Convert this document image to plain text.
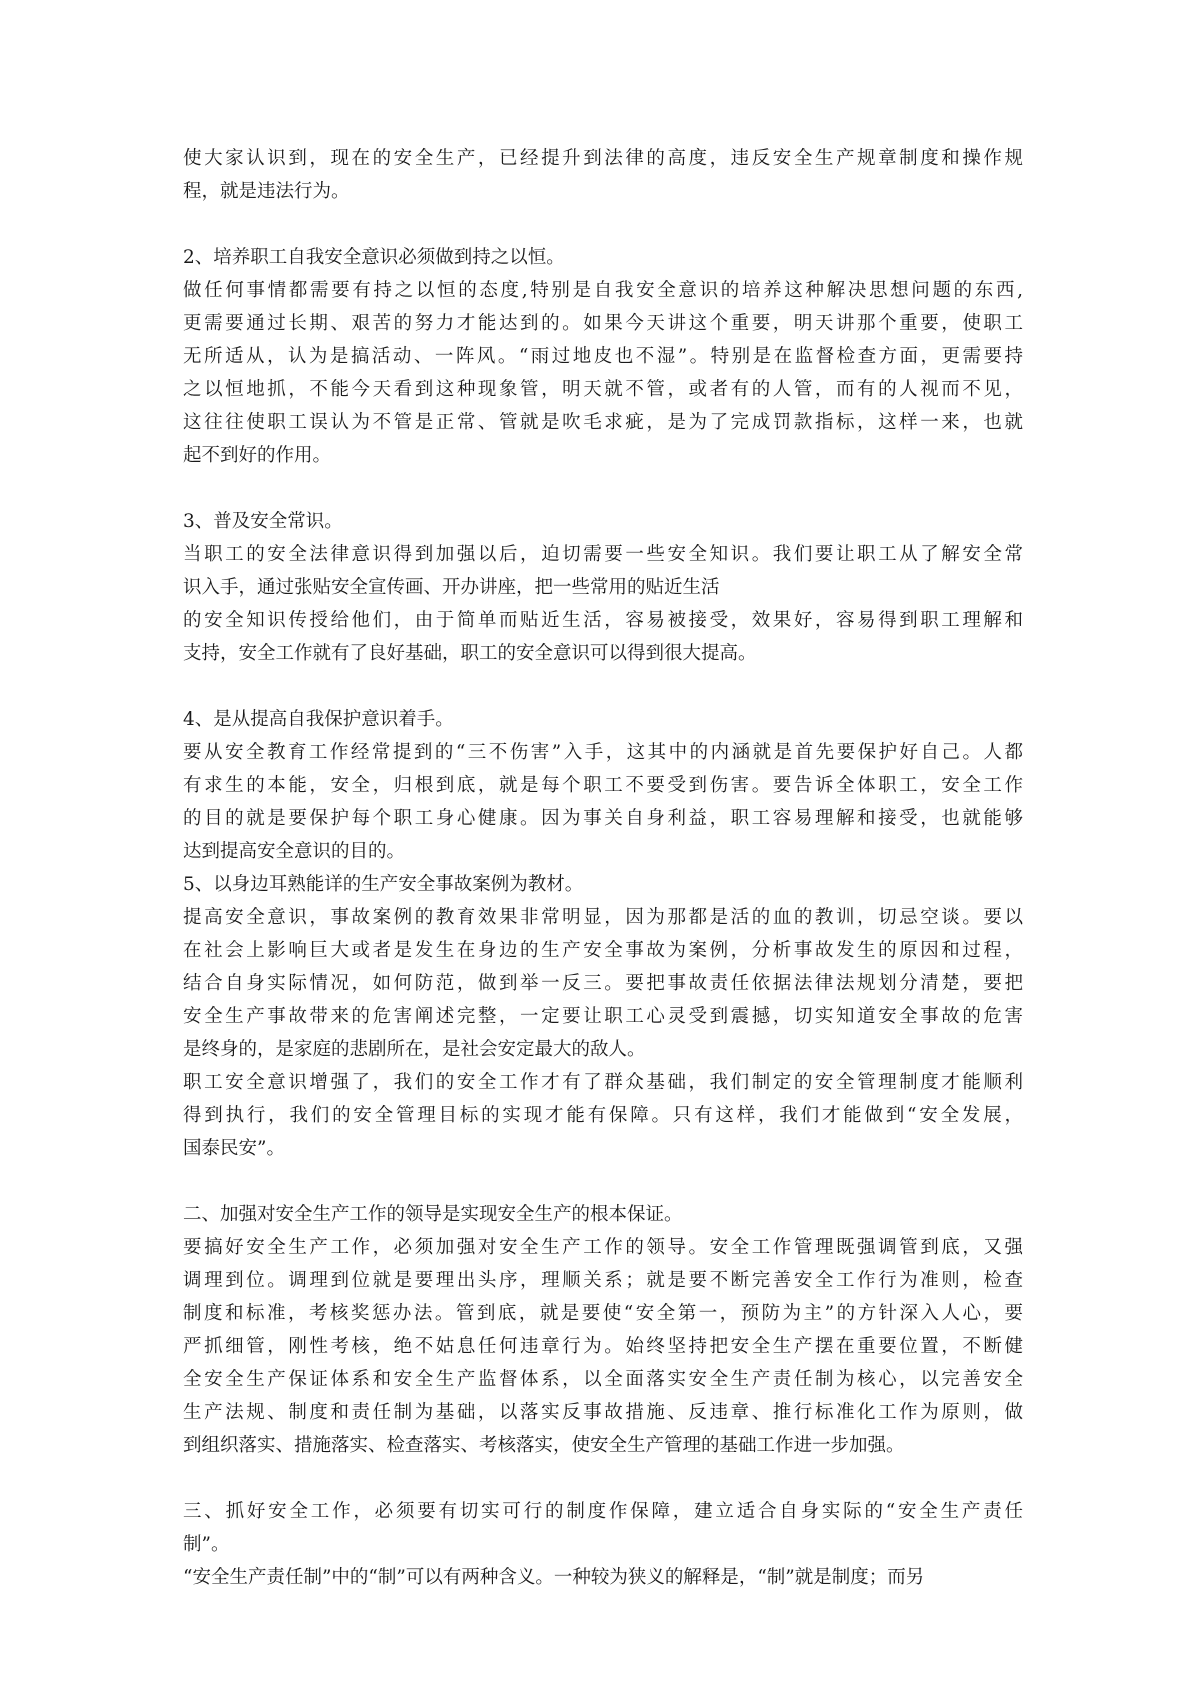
使大家认识到，现在的安全生产，已经提升到法律的高度，违反安全生产规章制度和操作规
程，就是违法行为。
2、培养职工自我安全意识必须做到持之以恒。
做任何事情都需要有持之以恒的态度,特别是自我安全意识的培养这种解决思想问题的东西,
更需要通过长期、艰苦的努力才能达到的。如果今天讲这个重要，明天讲那个重要，使职工
无所适从，认为是搞活动、一阵风。“雨过地皮也不湿”。特别是在监督检查方面，更需要持
之以恒地抓，不能今天看到这种现象管，明天就不管，或者有的人管，而有的人视而不见，
这往往使职工误认为不管是正常、管就是吹毛求疵，是为了完成罚款指标，这样一来，也就
起不到好的作用。
3、普及安全常识。
当职工的安全法律意识得到加强以后，迫切需要一些安全知识。我们要让职工从了解安全常
识入手，通过张贴安全宣传画、开办讲座，把一些常用的贴近生活
的安全知识传授给他们，由于简单而贴近生活，容易被接受，效果好，容易得到职工理解和
支持，安全工作就有了良好基础，职工的安全意识可以得到很大提高。
4、是从提高自我保护意识着手。
要从安全教育工作经常提到的“三不伤害”入手，这其中的内涵就是首先要保护好自己。人都
有求生的本能，安全，归根到底，就是每个职工不要受到伤害。要告诉全体职工，安全工作
的目的就是要保护每个职工身心健康。因为事关自身利益，职工容易理解和接受，也就能够
达到提高安全意识的目的。
5、以身边耳熟能详的生产安全事故案例为教材。
提高安全意识，事故案例的教育效果非常明显，因为那都是活的血的教训，切忌空谈。要以
在社会上影响巨大或者是发生在身边的生产安全事故为案例，分析事故发生的原因和过程，
结合自身实际情况，如何防范，做到举一反三。要把事故责任依据法律法规划分清楚，要把
安全生产事故带来的危害阐述完整，一定要让职工心灵受到震撼，切实知道安全事故的危害
是终身的，是家庭的悲剧所在，是社会安定最大的敌人。
职工安全意识增强了，我们的安全工作才有了群众基础，我们制定的安全管理制度才能顺利
得到执行，我们的安全管理目标的实现才能有保障。只有这样，我们才能做到“安全发展，
国泰民安”。
二、加强对安全生产工作的领导是实现安全生产的根本保证。
要搞好安全生产工作，必须加强对安全生产工作的领导。安全工作管理既强调管到底，又强
调理到位。调理到位就是要理出头序，理顺关系；就是要不断完善安全工作行为准则，检查
制度和标准，考核奖惩办法。管到底，就是要使“安全第一，预防为主”的方针深入人心，要
严抓细管，刚性考核，绝不姑息任何违章行为。始终坚持把安全生产摆在重要位置，不断健
全安全生产保证体系和安全生产监督体系，以全面落实安全生产责任制为核心，以完善安全
生产法规、制度和责任制为基础，以落实反事故措施、反违章、推行标准化工作为原则，做
到组织落实、措施落实、检查落实、考核落实，使安全生产管理的基础工作进一步加强。
三、抓好安全工作，必须要有切实可行的制度作保障，建立适合自身实际的“安全生产责任
制”。
“安全生产责任制”中的“制”可以有两种含义。一种较为狭义的解释是，“制”就是制度；而另
